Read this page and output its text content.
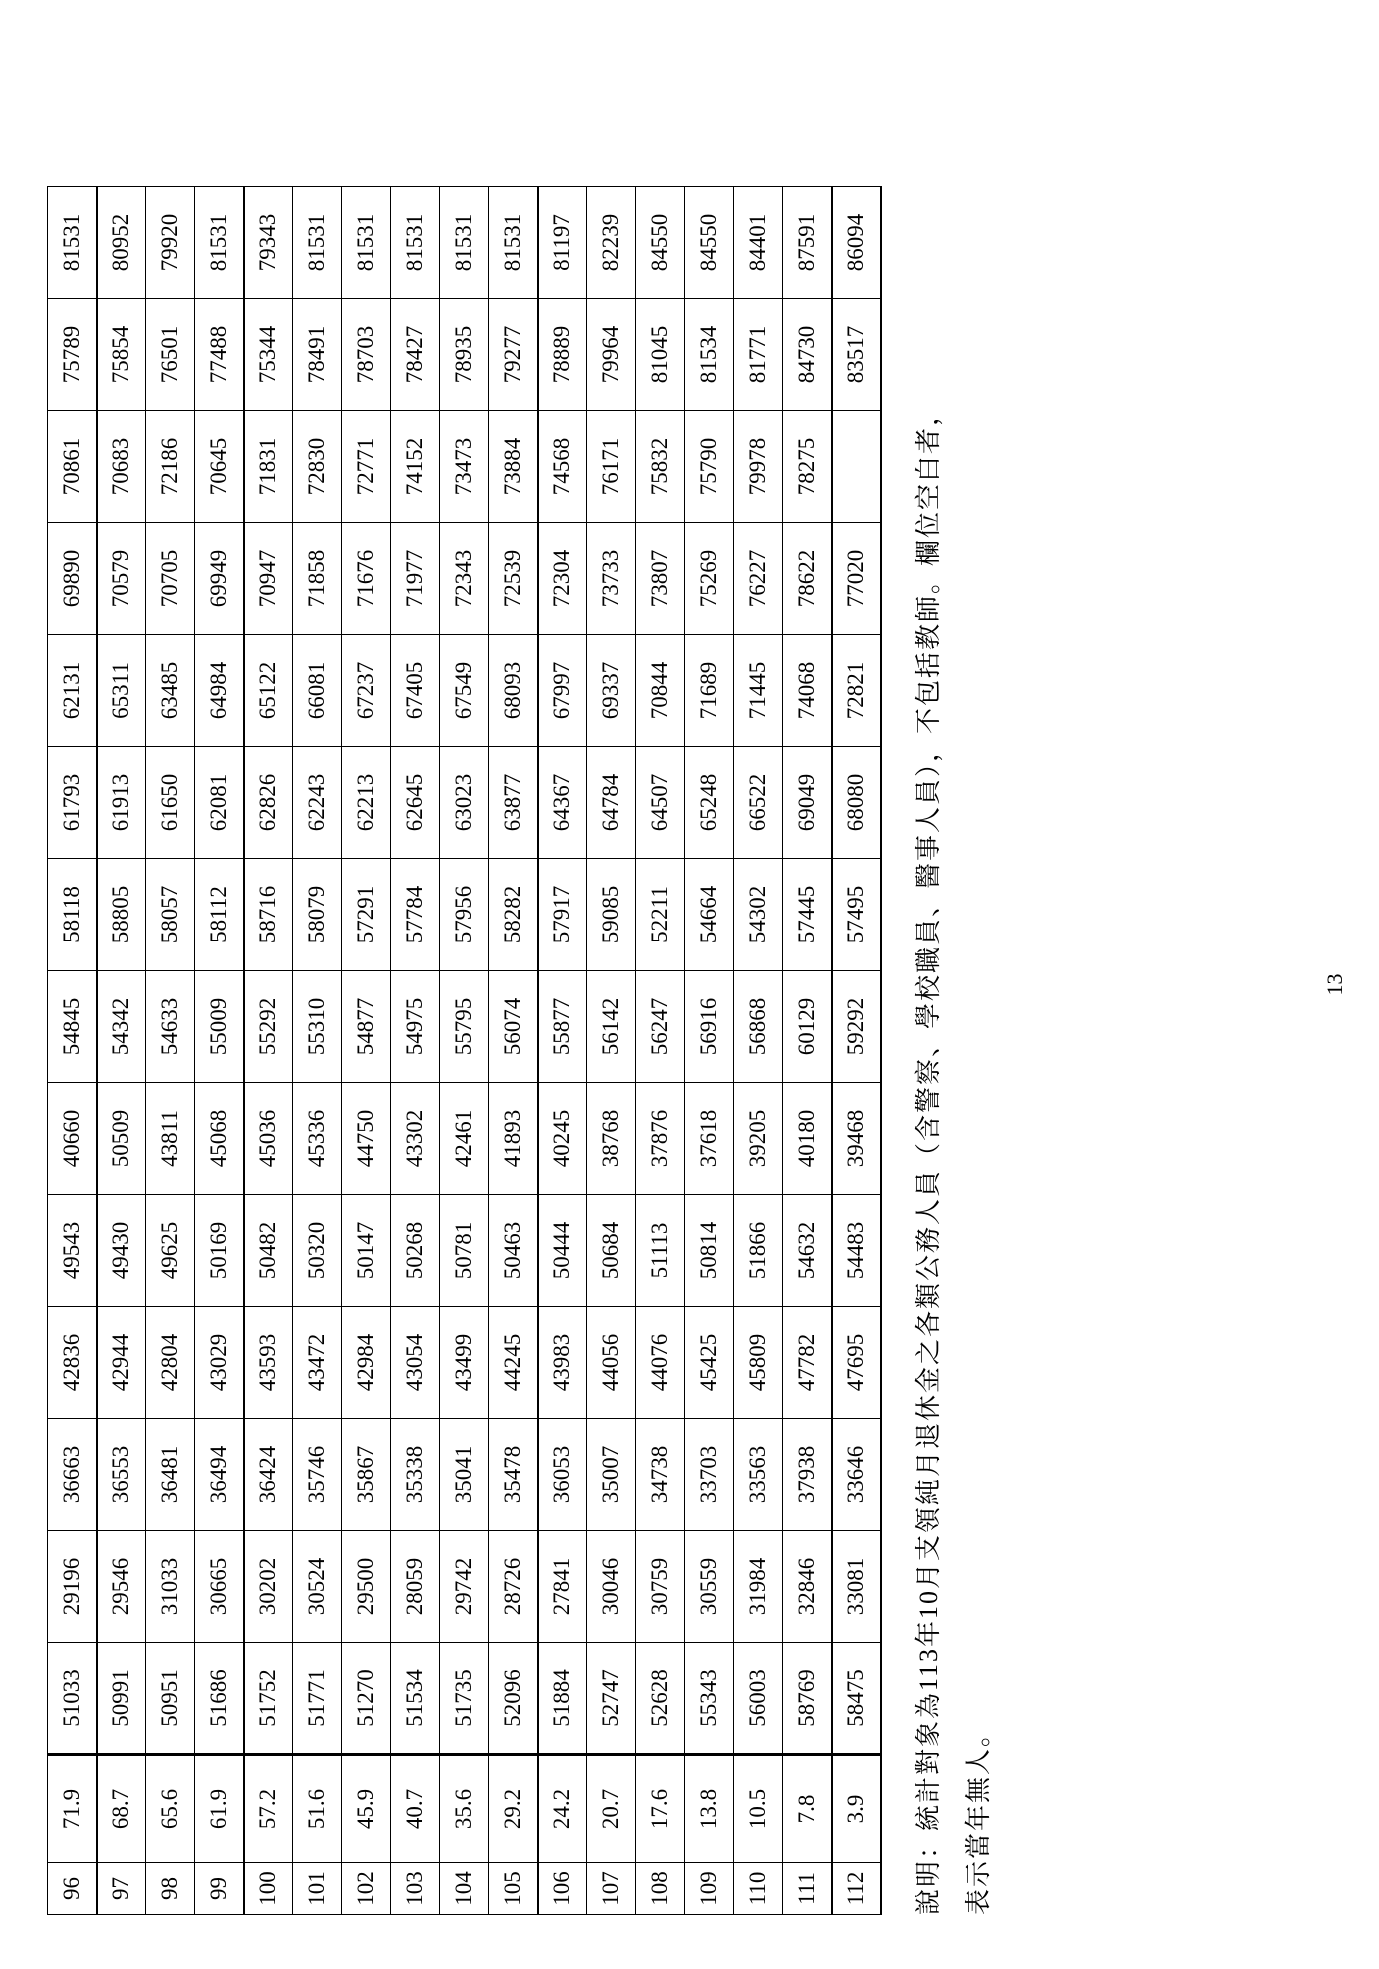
96	71.9	51033	29196	36663	42836	49543	40660	54845	58118	61793	62131	69890	70861	75789	81531
97	68.7	50991	29546	36553	42944	49430	50509	54342	58805	61913	65311	70579	70683	75854	80952
98	65.6	50951	31033	36481	42804	49625	43811	54633	58057	61650	63485	70705	72186	76501	79920
99	61.9	51686	30665	36494	43029	50169	45068	55009	58112	62081	64984	69949	70645	77488	81531
100	57.2	51752	30202	36424	43593	50482	45036	55292	58716	62826	65122	70947	71831	75344	79343
101	51.6	51771	30524	35746	43472	50320	45336	55310	58079	62243	66081	71858	72830	78491	81531
102	45.9	51270	29500	35867	42984	50147	44750	54877	57291	62213	67237	71676	72771	78703	81531
103	40.7	51534	28059	35338	43054	50268	43302	54975	57784	62645	67405	71977	74152	78427	81531
104	35.6	51735	29742	35041	43499	50781	42461	55795	57956	63023	67549	72343	73473	78935	81531
105	29.2	52096	28726	35478	44245	50463	41893	56074	58282	63877	68093	72539	73884	79277	81531
106	24.2	51884	27841	36053	43983	50444	40245	55877	57917	64367	67997	72304	74568	78889	81197
107	20.7	52747	30046	35007	44056	50684	38768	56142	59085	64784	69337	73733	76171	79964	82239
108	17.6	52628	30759	34738	44076	51113	37876	56247	52211	64507	70844	73807	75832	81045	84550
109	13.8	55343	30559	33703	45425	50814	37618	56916	54664	65248	71689	75269	75790	81534	84550
110	10.5	56003	31984	33563	45809	51866	39205	56868	54302	66522	71445	76227	79978	81771	84401
111	7.8	58769	32846	37938	47782	54632	40180	60129	57445	69049	74068	78622	78275	84730	87591
112	3.9	58475	33081	33646	47695	54483	39468	59292	57495	68080	72821	77020		83517	86094
說明：統計對象為113年10月支領純月退休金之各類公務人員（含警察、學校職員、醫事人員），不包括教師。欄位空白者， 表示當年無人。
13
